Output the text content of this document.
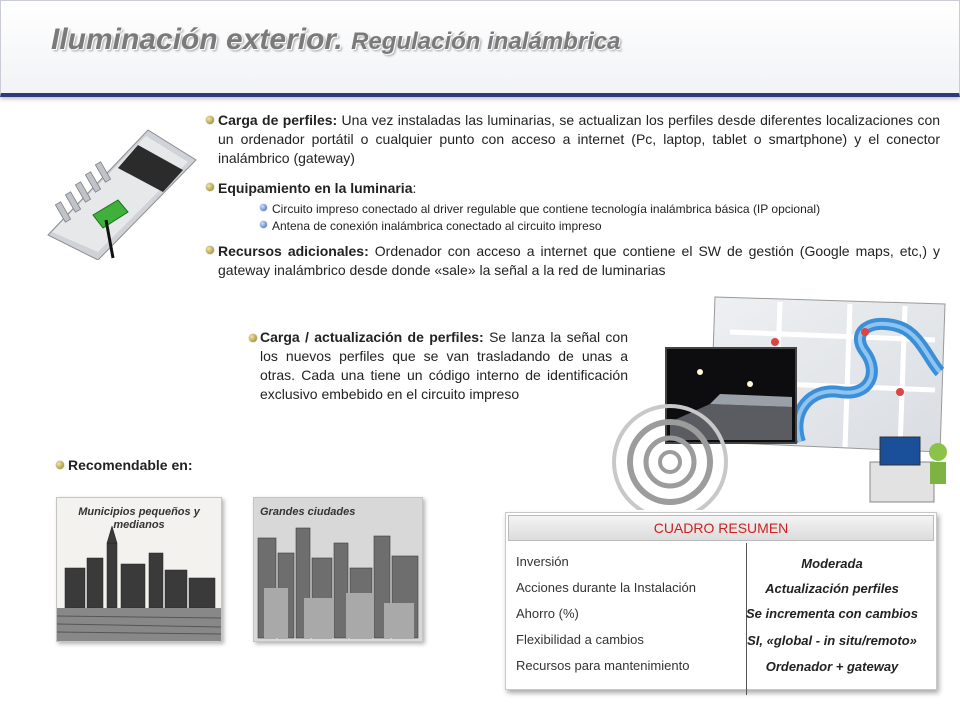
Iluminación exterior. Regulación inalámbrica
Carga de perfiles: Una vez instaladas las luminarias, se actualizan los perfiles desde diferentes localizaciones con un ordenador portátil o cualquier punto con acceso a internet (Pc, laptop, tablet o smartphone) y el conector inalámbrico (gateway)
Equipamiento en la luminaria:
Circuito impreso conectado al driver regulable que contiene tecnología inalámbrica básica (IP opcional)
Antena de conexión inalámbrica conectado al circuito impreso
Recursos adicionales: Ordenador con acceso a internet que contiene el SW de gestión (Google maps, etc,) y gateway inalámbrico desde donde «sale» la señal a la red de luminarias
Carga / actualización de perfiles: Se lanza la señal con los nuevos perfiles que se van trasladando de unas a otras. Cada una tiene un código interno de identificación exclusivo embebido en el circuito impreso
Recomendable en:
Municipios pequeños y medianos
Grandes ciudades
CUADRO RESUMEN
Inversión
Acciones durante la Instalación
Ahorro (%)
Flexibilidad a cambios
Recursos para mantenimiento
Moderada
Actualización perfiles
Se incrementa con cambios
SI, «global - in situ/remoto»
Ordenador + gateway
